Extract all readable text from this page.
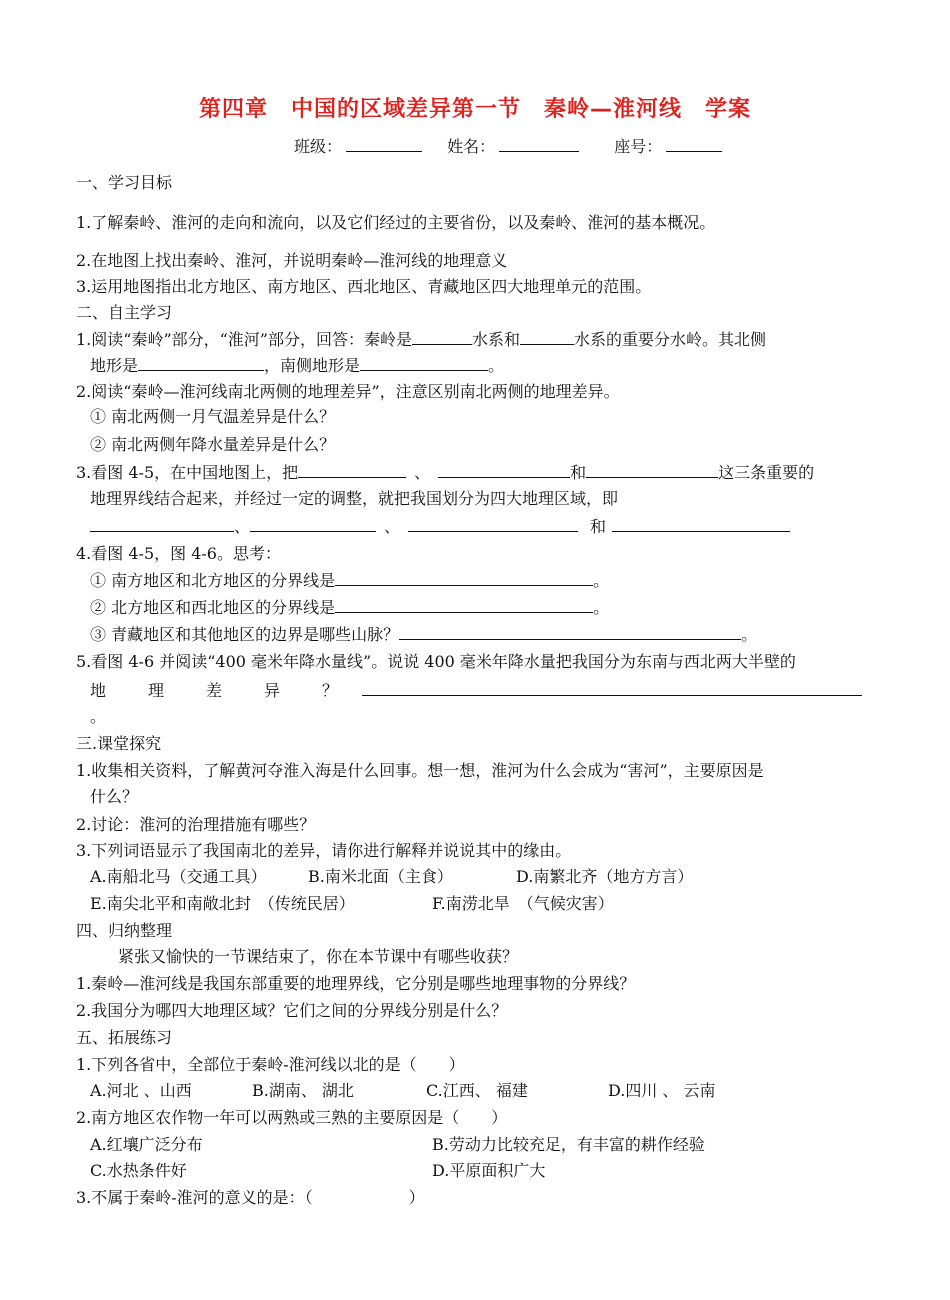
第四章　中国的区域差异第一节　秦岭—淮河线　学案
班级：	姓名：	座号：
一、学习目标
1.了解秦岭、淮河的走向和流向，以及它们经过的主要省份，以及秦岭、淮河的基本概况。
2.在地图上找出秦岭、淮河，并说明秦岭—淮河线的地理意义
3.运用地图指出北方地区、南方地区、西北地区、青藏地区四大地理单元的范围。
二、自主学习
1.阅读“秦岭”部分，“淮河”部分，回答：秦岭是	水系和	水系的重要分水岭。其北侧
地形是	，南侧地形是	。
2.阅读“秦岭—淮河线南北两侧的地理差异”，注意区别南北两侧的地理差异。
① 南北两侧一月气温差异是什么？
② 南北两侧年降水量差异是什么？
3.看图 4-5，在中国地图上，把	、	和	这三条重要的
地理界线结合起来，并经过一定的调整，就把我国划分为四大地理区域，即
、	、	和
4.看图 4-5，图 4-6。思考：
① 南方地区和北方地区的分界线是	。
② 北方地区和西北地区的分界线是	。
③ 青藏地区和其他地区的边界是哪些山脉？	。
5.看图 4-6 并阅读“400 毫米年降水量线”。说说 400 毫米年降水量把我国分为东南与西北两大半壁的
地	理	差	异	？
。
三.课堂探究
1.收集相关资料，了解黄河夺淮入海是什么回事。想一想，淮河为什么会成为“害河”，主要原因是
什么？
2.讨论：淮河的治理措施有哪些？
3.下列词语显示了我国南北的差异，请你进行解释并说说其中的缘由。
A.南船北马（交通工具）	B.南米北面（主食）	D.南繁北齐（地方方言）
E.南尖北平和南敞北封　（传统民居）	F.南涝北旱　（气候灾害）
四、归纳整理
紧张又愉快的一节课结束了，你在本节课中有哪些收获？
1.秦岭—淮河线是我国东部重要的地理界线，它分别是哪些地理事物的分界线？
2.我国分为哪四大地理区域？它们之间的分界线分别是什么？
五、拓展练习
1.下列各省中，全部位于秦岭-淮河线以北的是（　　）
A.河北 、山西	B.湖南、 湖北	C.江西、 福建	D.四川 、 云南
2.南方地区农作物一年可以两熟或三熟的主要原因是（　　）
A.红壤广泛分布	B.劳动力比较充足，有丰富的耕作经验
C.水热条件好	D.平原面积广大
3.不属于秦岭-淮河的意义的是：（　　　　　　）
